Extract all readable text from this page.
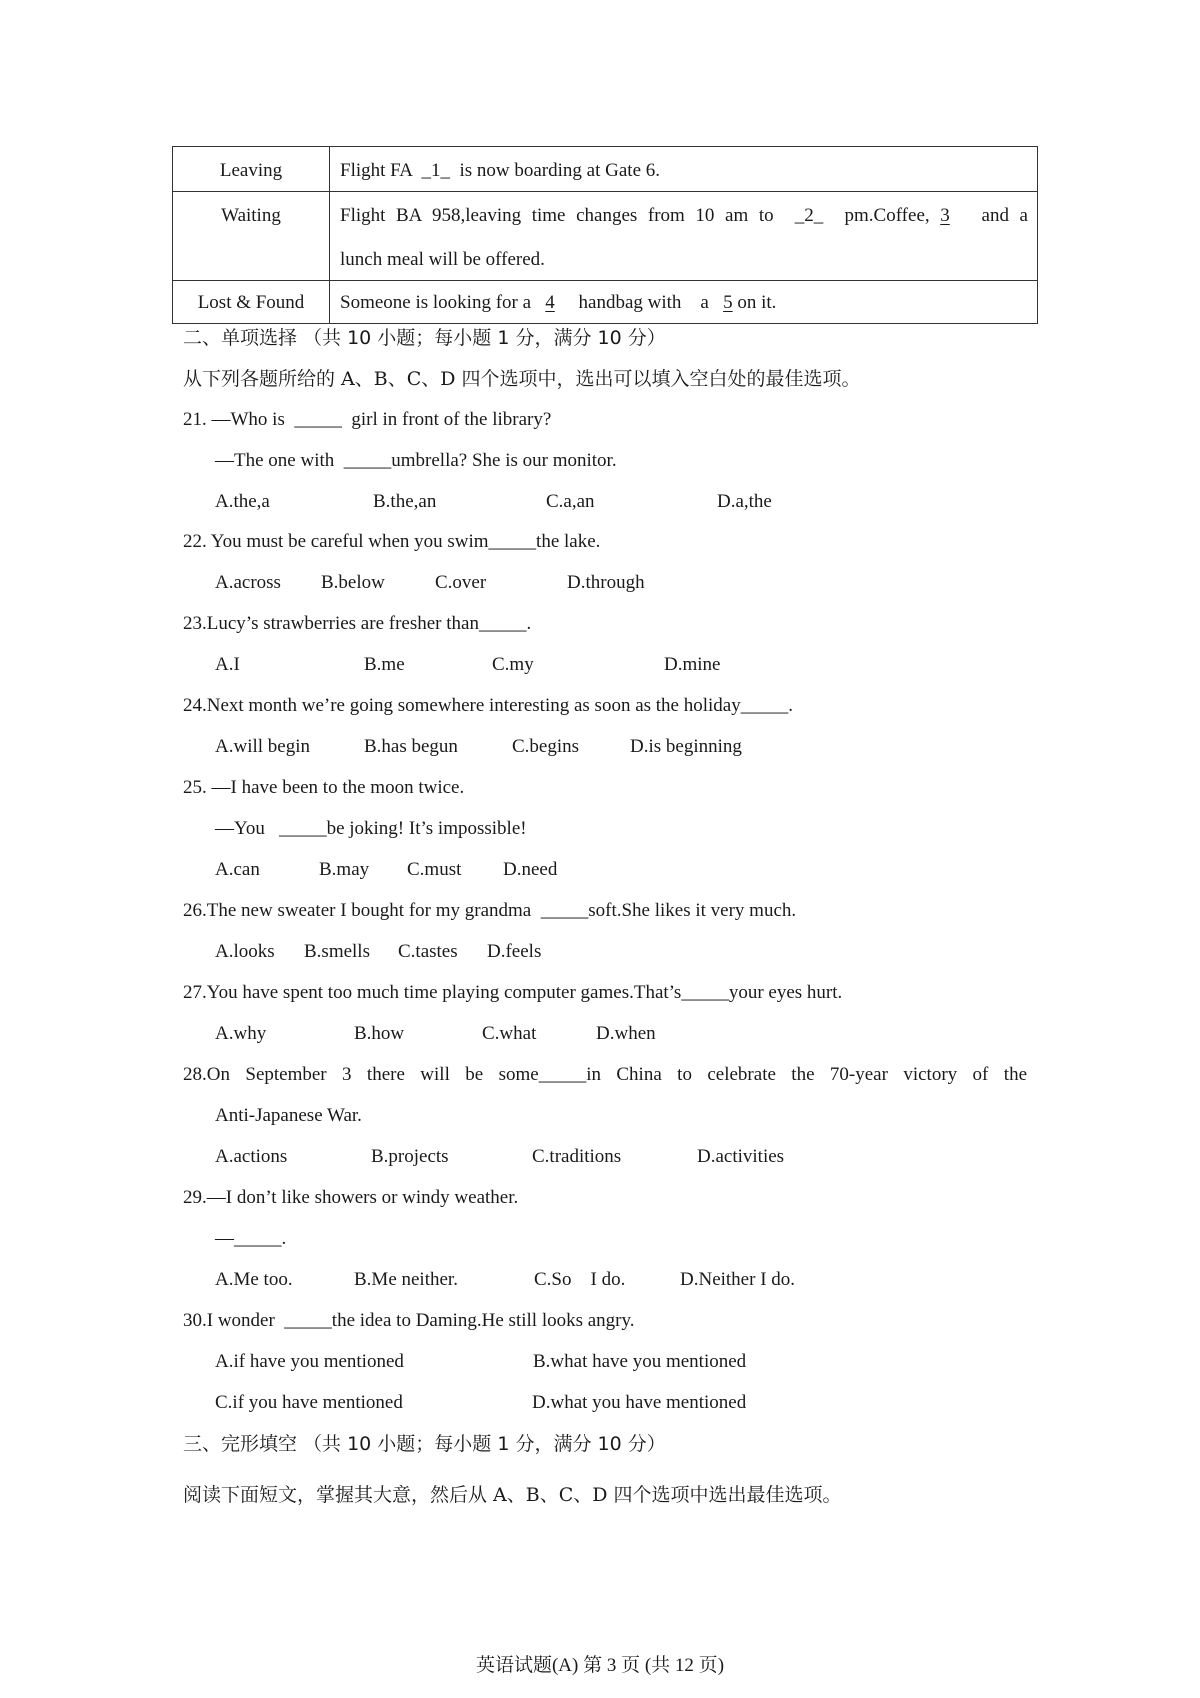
Leaving	Flight FA  _1_  is now boarding at Gate 6.

Waiting	Flight BA 958,leaving time changes from 10 am to  _2_  pm.Coffee, 3   and a
lunch meal will be offered.

Lost & Found	Someone is looking for a   4     handbag with    a   5 on it.
二、单项选择 （共 10 小题；每小题 1 分，满分 10 分）
从下列各题所给的 A、B、C、D 四个选项中，选出可以填入空白处的最佳选项。
21. —Who is  _____  girl in front of the library?
—The one with  _____umbrella? She is our monitor.
A.the,a	B.the,an	C.a,an	D.a,the
22. You must be careful when you swim_____the lake.
A.across B.below	C.over	D.through
23.Lucy’s strawberries are fresher than_____.
A.I	B.me	C.my	D.mine
24.Next month we’re going somewhere interesting as soon as the holiday_____.
A.will begin	B.has begun	C.begins	D.is beginning
25. —I have been to the moon twice.
—You   _____be joking! It’s impossible!
A.can	B.may C.must D.need
26.The new sweater I bought for my grandma  _____soft.She likes it very much.
A.looks B.smells C.tastes D.feels
27.You have spent too much time playing computer games.That’s_____your eyes hurt.
A.why	B.how	C.what	D.when
28.On September 3 there will be some_____in China to celebrate the 70-year victory of the
Anti-Japanese War.
A.actions	B.projects	C.traditions	D.activities
29.—I don’t like showers or windy weather.
—_____.
A.Me too.	B.Me neither.	C.So    I do.	D.Neither I do.
30.I wonder  _____the idea to Daming.He still looks angry.
A.if have you mentioned	B.what have you mentioned
C.if you have mentioned	D.what you have mentioned
三、完形填空 （共 10 小题；每小题 1 分，满分 10 分）
阅读下面短文，掌握其大意，然后从 A、B、C、D 四个选项中选出最佳选项。
英语试题(A) 第 3 页 (共 12 页)
